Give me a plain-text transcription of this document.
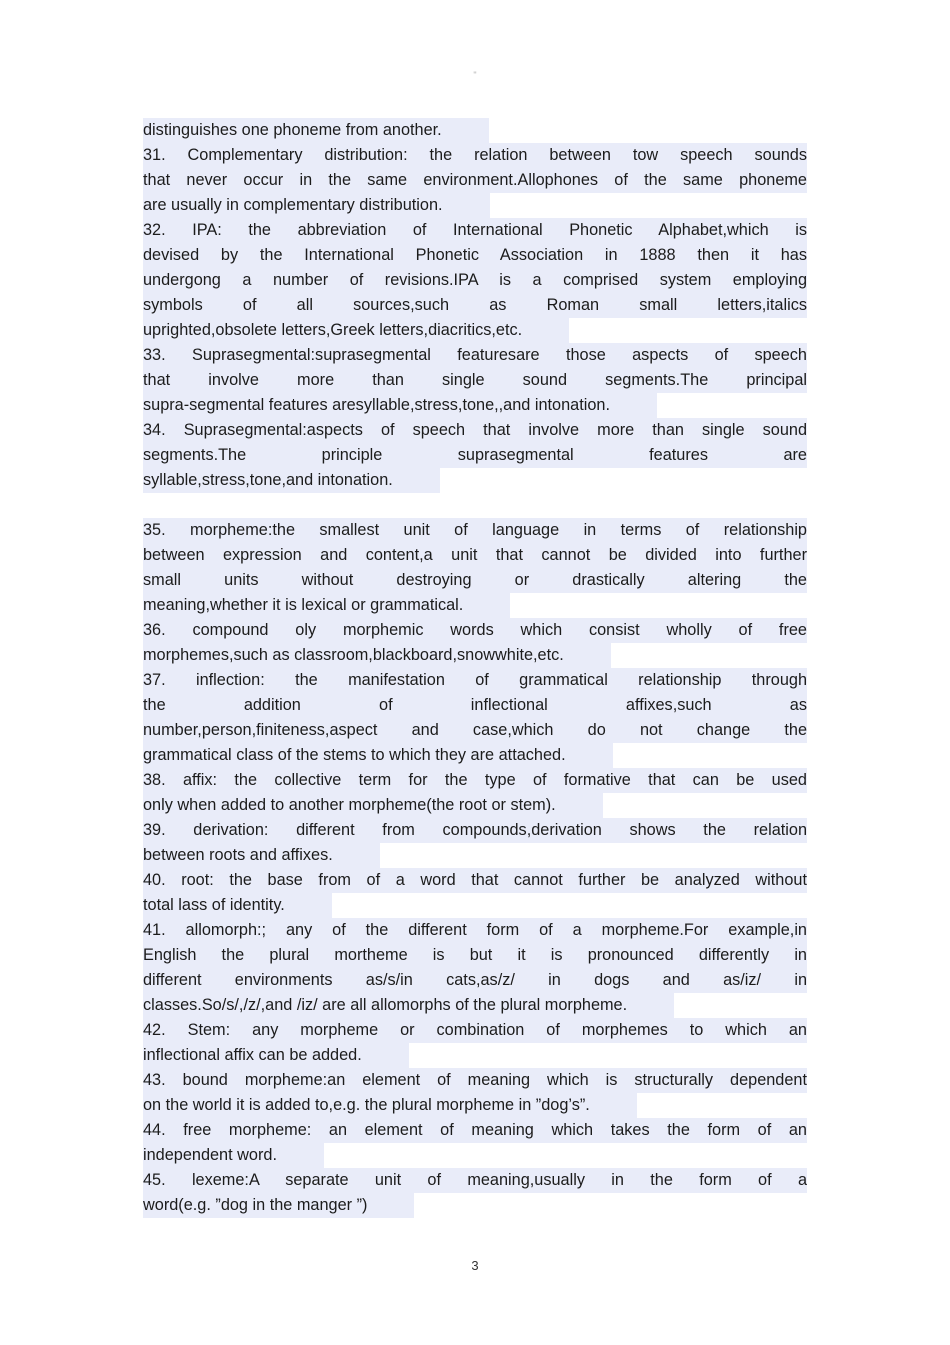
"
distinguishes one phoneme from another.
31. Complementary distribution: the relation between tow speech sounds
that never occur in the same environment.Allophones of the same phoneme
are usually in complementary distribution.
32. IPA: the abbreviation of International Phonetic Alphabet,which is
devised by the International Phonetic Association in 1888 then it has
undergong a number of revisions.IPA is a comprised system employing
symbols of all sources,such as Roman small letters,italics
uprighted,obsolete letters,Greek letters,diacritics,etc.
33. Suprasegmental:suprasegmental featuresare those aspects of speech
that involve more than single sound segments.The principal
supra-segmental features aresyllable,stress,tone,,and intonation.
34. Suprasegmental:aspects of speech that involve more than single sound
segments.The principle suprasegmental features are
syllable,stress,tone,and intonation.
35. morpheme:the smallest unit of language in terms of relationship
between expression and content,a unit that cannot be divided into further
small units without destroying or drastically altering the
meaning,whether it is lexical or grammatical.
36. compound oly morphemic words which consist wholly of free
morphemes,such as classroom,blackboard,snowwhite,etc.
37. inflection: the manifestation of grammatical relationship through
the addition of inflectional affixes,such as
number,person,finiteness,aspect and case,which do not change the
grammatical class of the stems to which they are attached.
38. affix: the collective term for the type of formative that can be used
only when added to another morpheme(the root or stem).
39. derivation: different from compounds,derivation shows the relation
between roots and affixes.
40. root: the base from of a word that cannot further be analyzed without
total lass of identity.
41. allomorph:; any of the different form of a morpheme.For example,in
English the plural mortheme is but it is pronounced differently in
different environments as/s/in cats,as/z/ in dogs and as/iz/ in
classes.So/s/,/z/,and /iz/ are all allomorphs of the plural morpheme.
42. Stem: any morpheme or combination of morphemes to which an
inflectional affix can be added.
43. bound morpheme:an element of meaning which is structurally dependent
on the world it is added to,e.g. the plural morpheme in ”dog’s”.
44. free morpheme: an element of meaning which takes the form of an
independent word.
45. lexeme:A separate unit of meaning,usually in the form of a
word(e.g. ”dog in the manger ”)
3
